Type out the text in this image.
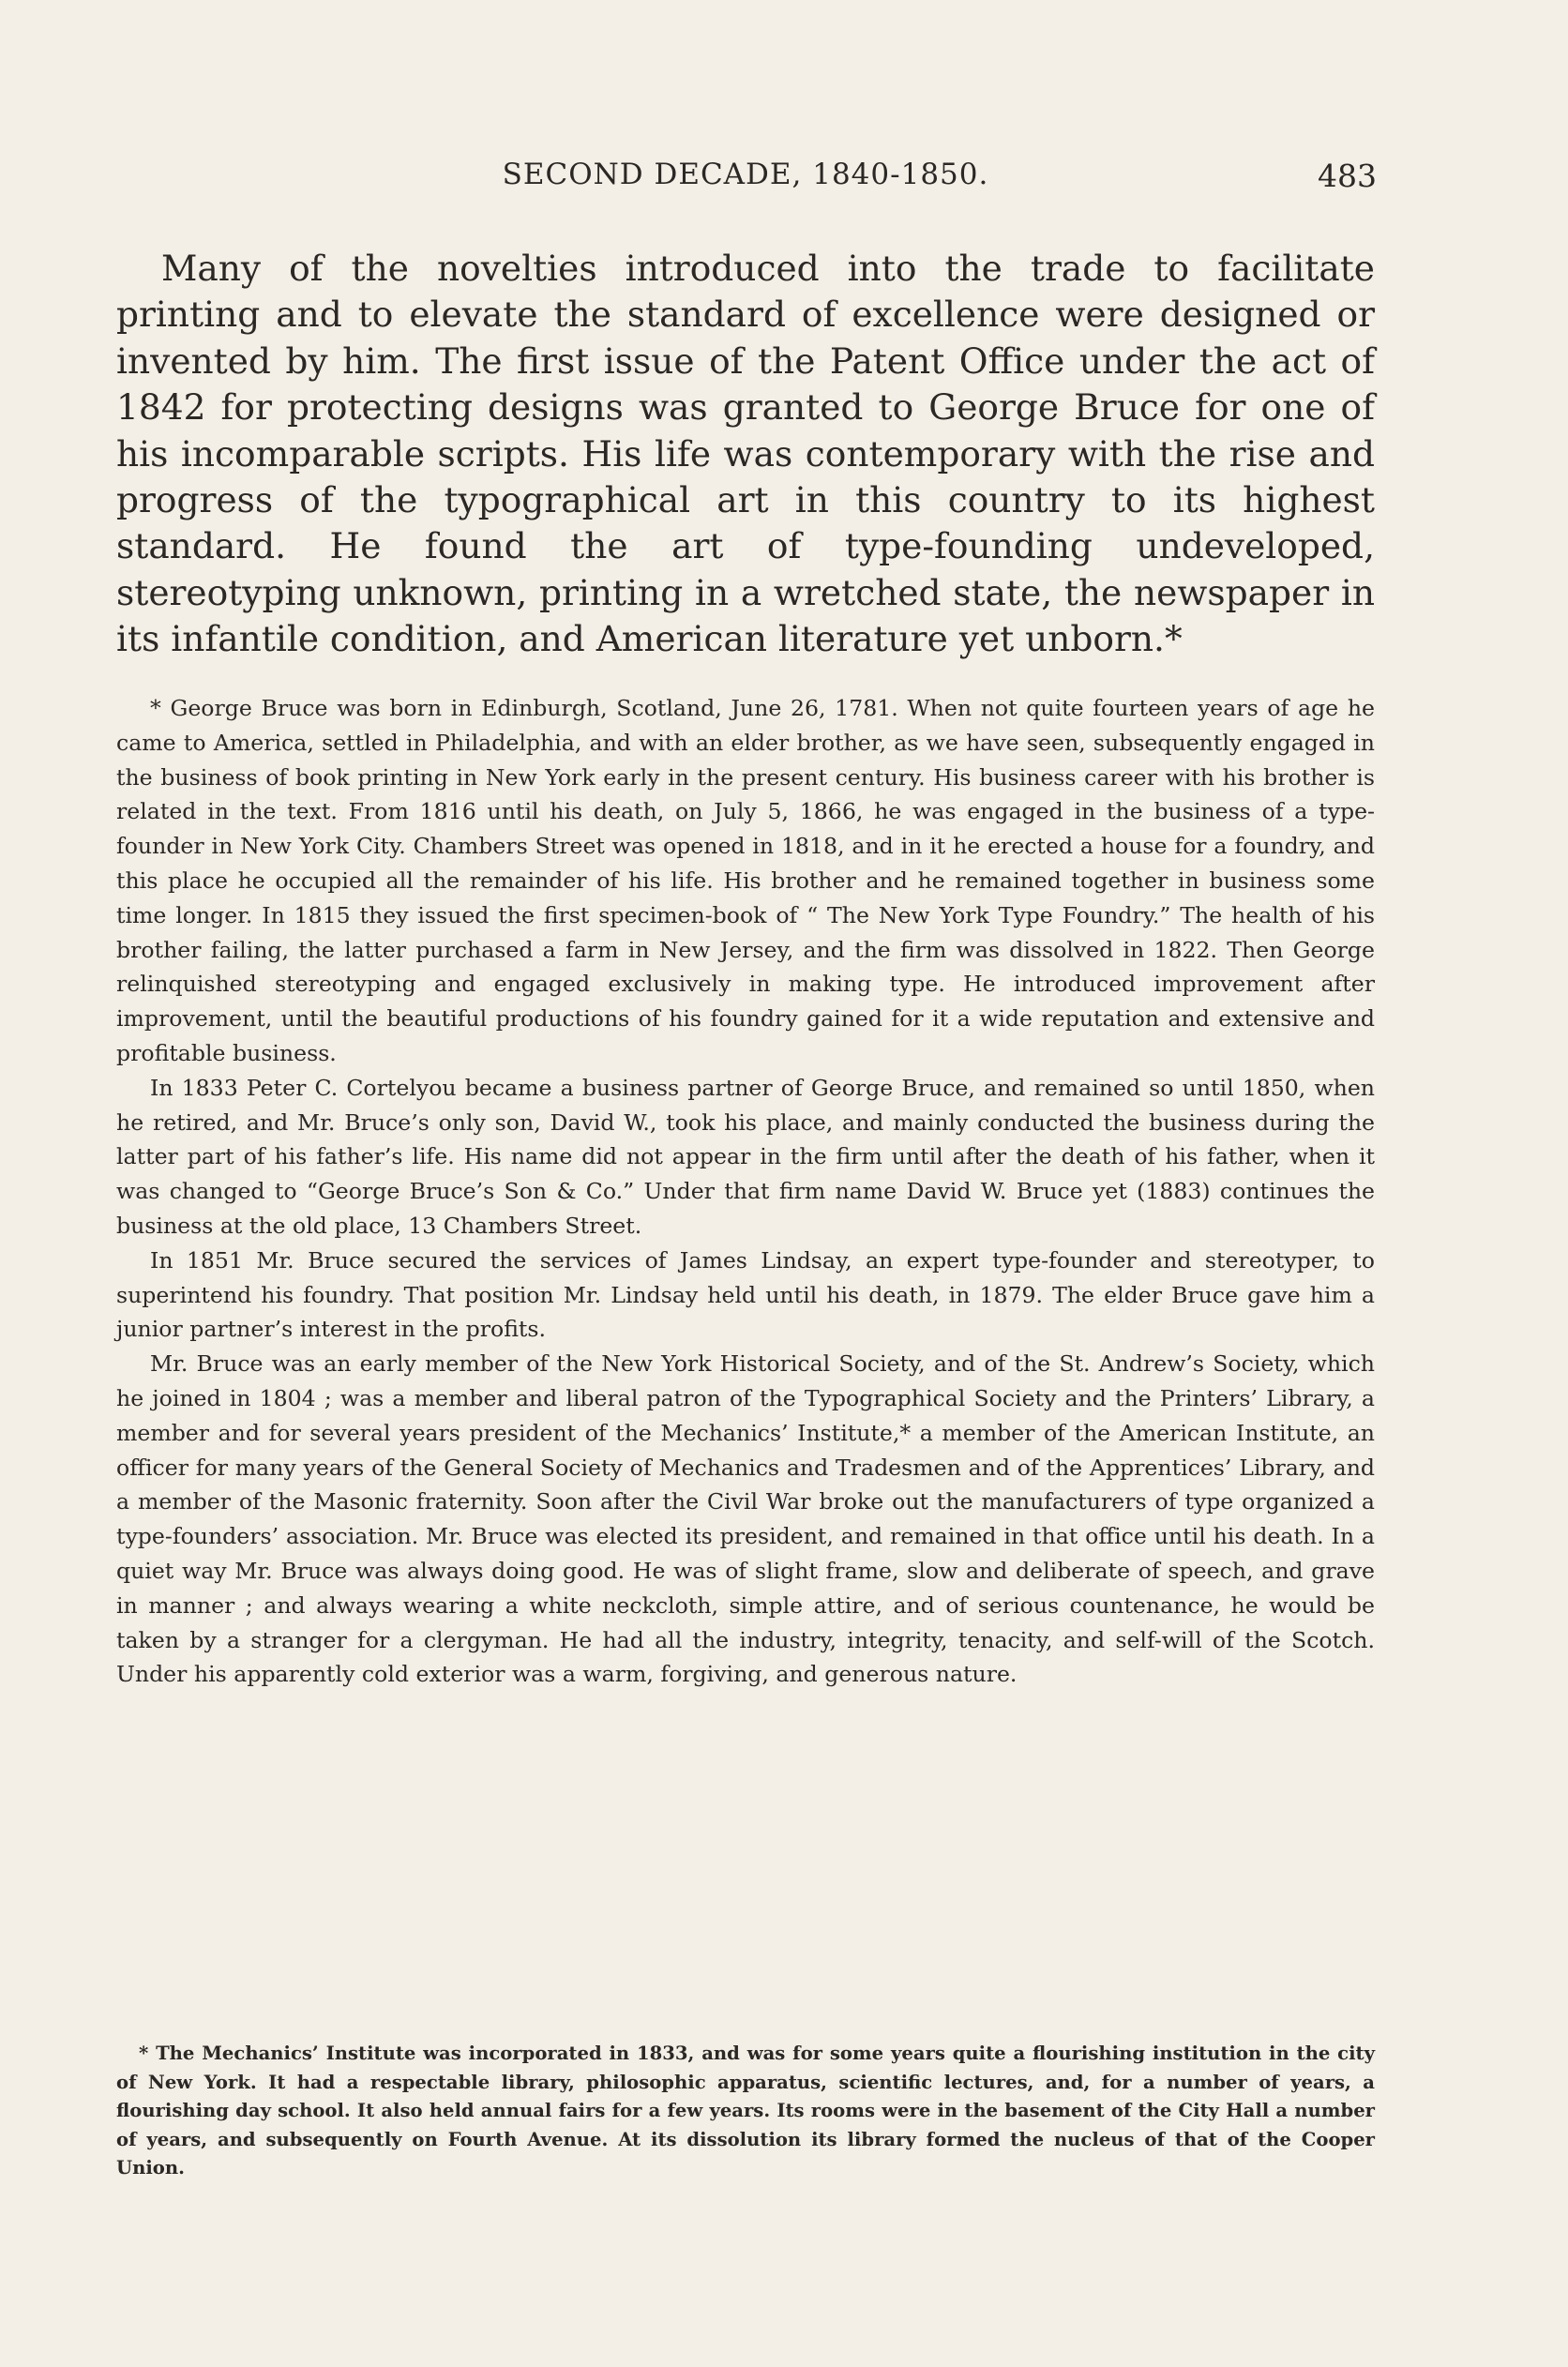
SECOND DECADE, 1840-1850.	483

Many of the novelties introduced into the trade to facilitate printing and to elevate the standard of excellence were designed or invented by him. The first issue of the Patent Office under the act of 1842 for protecting designs was granted to George Bruce for one of his incomparable scripts. His life was contemporary with the rise and progress of the typographical art in this country to its highest standard. He found the art of type-founding undeveloped, stereotyping unknown, printing in a wretched state, the newspaper in its infantile condition, and American literature yet unborn.*

* George Bruce was born in Edinburgh, Scotland, June 26, 1781. When not quite fourteen years of age he came to America, settled in Philadelphia, and with an elder brother, as we have seen, subsequently engaged in the business of book printing in New York early in the present century. His business career with his brother is related in the text. From 1816 until his death, on July 5, 1866, he was engaged in the business of a type-founder in New York City. Chambers Street was opened in 1818, and in it he erected a house for a foundry, and this place he occupied all the remainder of his life. His brother and he remained together in business some time longer. In 1815 they issued the first specimen-book of “ The New York Type Foundry.” The health of his brother failing, the latter purchased a farm in New Jersey, and the firm was dissolved in 1822. Then George relinquished stereotyping and engaged exclusively in making type. He introduced improvement after improvement, until the beautiful productions of his foundry gained for it a wide reputation and extensive and profitable business.

In 1833 Peter C. Cortelyou became a business partner of George Bruce, and remained so until 1850, when he retired, and Mr. Bruce’s only son, David W., took his place, and mainly conducted the business during the latter part of his father’s life. His name did not appear in the firm until after the death of his father, when it was changed to “George Bruce’s Son & Co.” Under that firm name David W. Bruce yet (1883) continues the business at the old place, 13 Chambers Street.

In 1851 Mr. Bruce secured the services of James Lindsay, an expert type-founder and stereotyper, to superintend his foundry. That position Mr. Lindsay held until his death, in 1879. The elder Bruce gave him a junior partner’s interest in the profits.

Mr. Bruce was an early member of the New York Historical Society, and of the St. Andrew’s Society, which he joined in 1804 ; was a member and liberal patron of the Typographical Society and the Printers’ Library, a member and for several years president of the Mechanics’ Institute,* a member of the American Institute, an officer for many years of the General Society of Mechanics and Tradesmen and of the Apprentices’ Library, and a member of the Masonic fraternity. Soon after the Civil War broke out the manufacturers of type organized a type-founders’ association. Mr. Bruce was elected its president, and remained in that office until his death. In a quiet way Mr. Bruce was always doing good. He was of slight frame, slow and deliberate of speech, and grave in manner ; and always wearing a white neckcloth, simple attire, and of serious countenance, he would be taken by a stranger for a clergyman. He had all the industry, integrity, tenacity, and self-will of the Scotch. Under his apparently cold exterior was a warm, forgiving, and generous nature.

* The Mechanics’ Institute was incorporated in 1833, and was for some years quite a flourishing institution in the city of New York. It had a respectable library, philosophic apparatus, scientific lectures, and, for a number of years, a flourishing day school. It also held annual fairs for a few years. Its rooms were in the basement of the City Hall a number of years, and subsequently on Fourth Avenue. At its dissolution its library formed the nucleus of that of the Cooper Union.
